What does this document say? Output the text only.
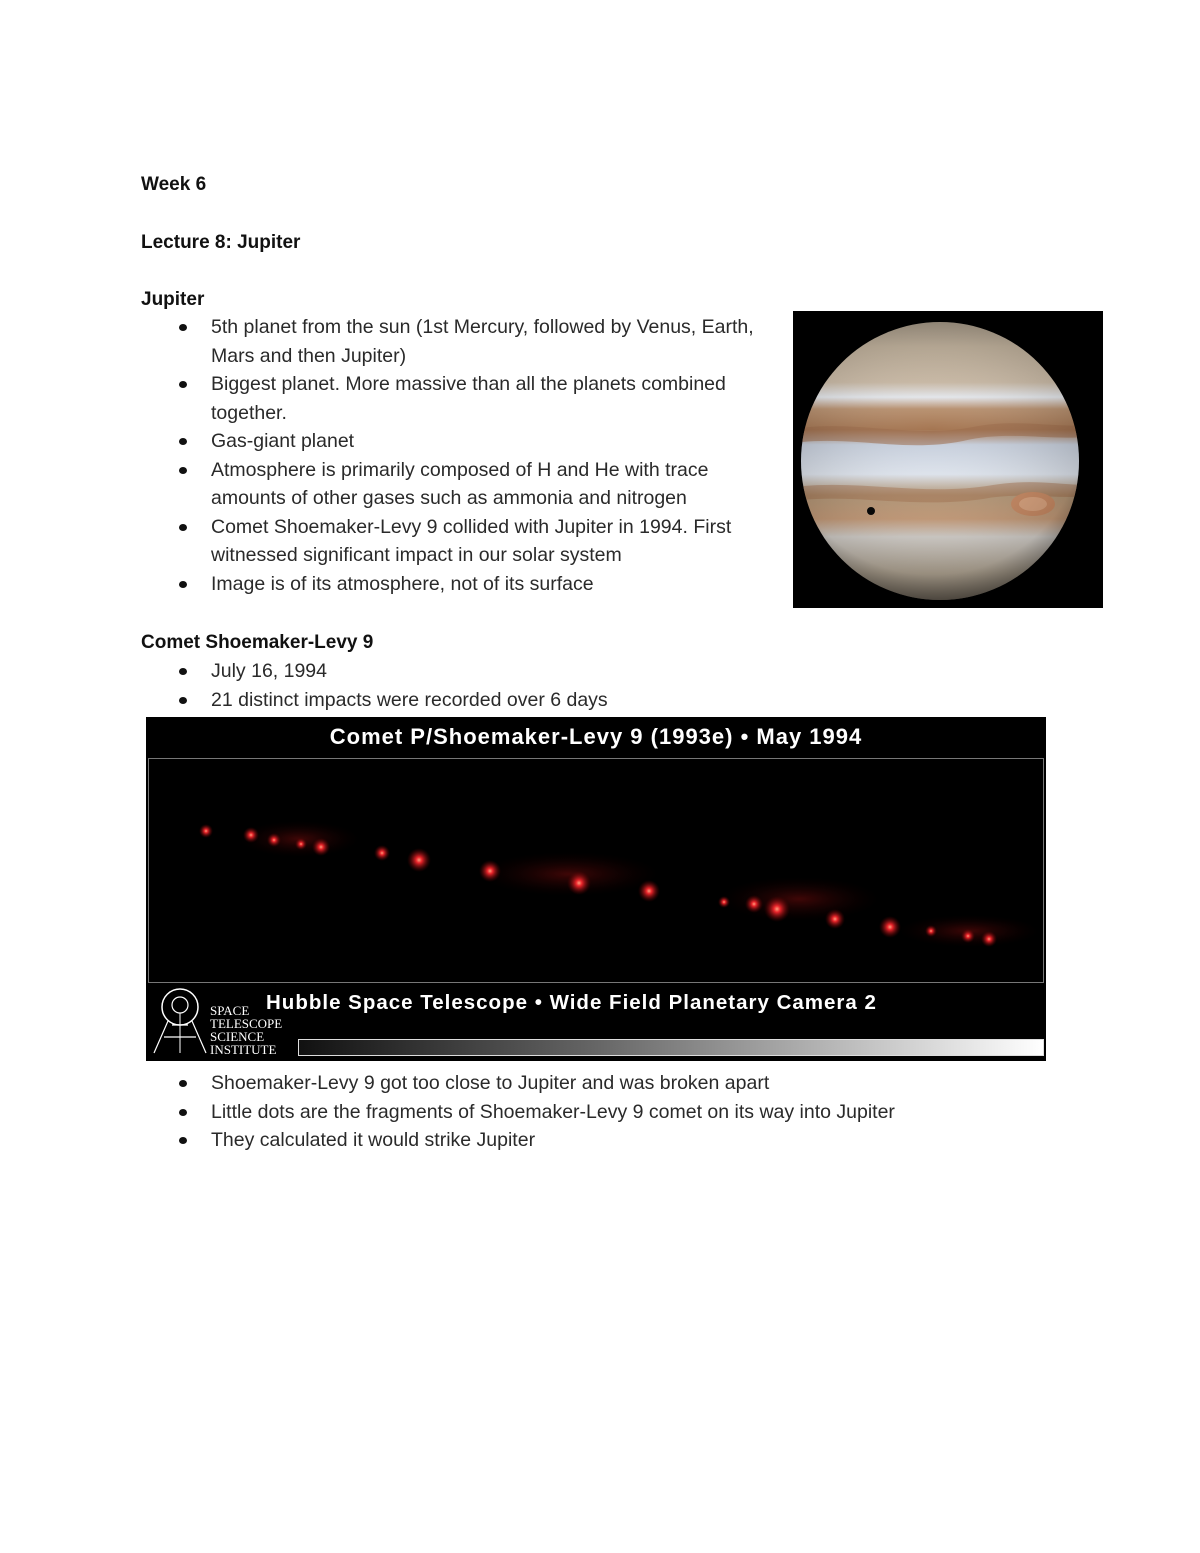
Week 6
Lecture 8: Jupiter
Jupiter
5th planet from the sun (1st Mercury, followed by Venus, Earth, Mars and then Jupiter)
Biggest planet. More massive than all the planets combined together.
Gas-giant planet
Atmosphere is primarily composed of H and He with trace amounts of other gases such as ammonia and nitrogen
Comet Shoemaker-Levy 9 collided with Jupiter in 1994. First witnessed significant impact in our solar system
Image is of its atmosphere, not of its surface
Comet Shoemaker-Levy 9
July 16, 1994
21 distinct impacts were recorded over 6 days
Comet P/Shoemaker-Levy 9 (1993e) • May 1994
SPACE
TELESCOPE
SCIENCE
INSTITUTE
Hubble Space Telescope • Wide Field Planetary Camera 2
Shoemaker-Levy 9 got too close to Jupiter and was broken apart
Little dots are the fragments of Shoemaker-Levy 9 comet on its way into Jupiter
They calculated it would strike Jupiter
